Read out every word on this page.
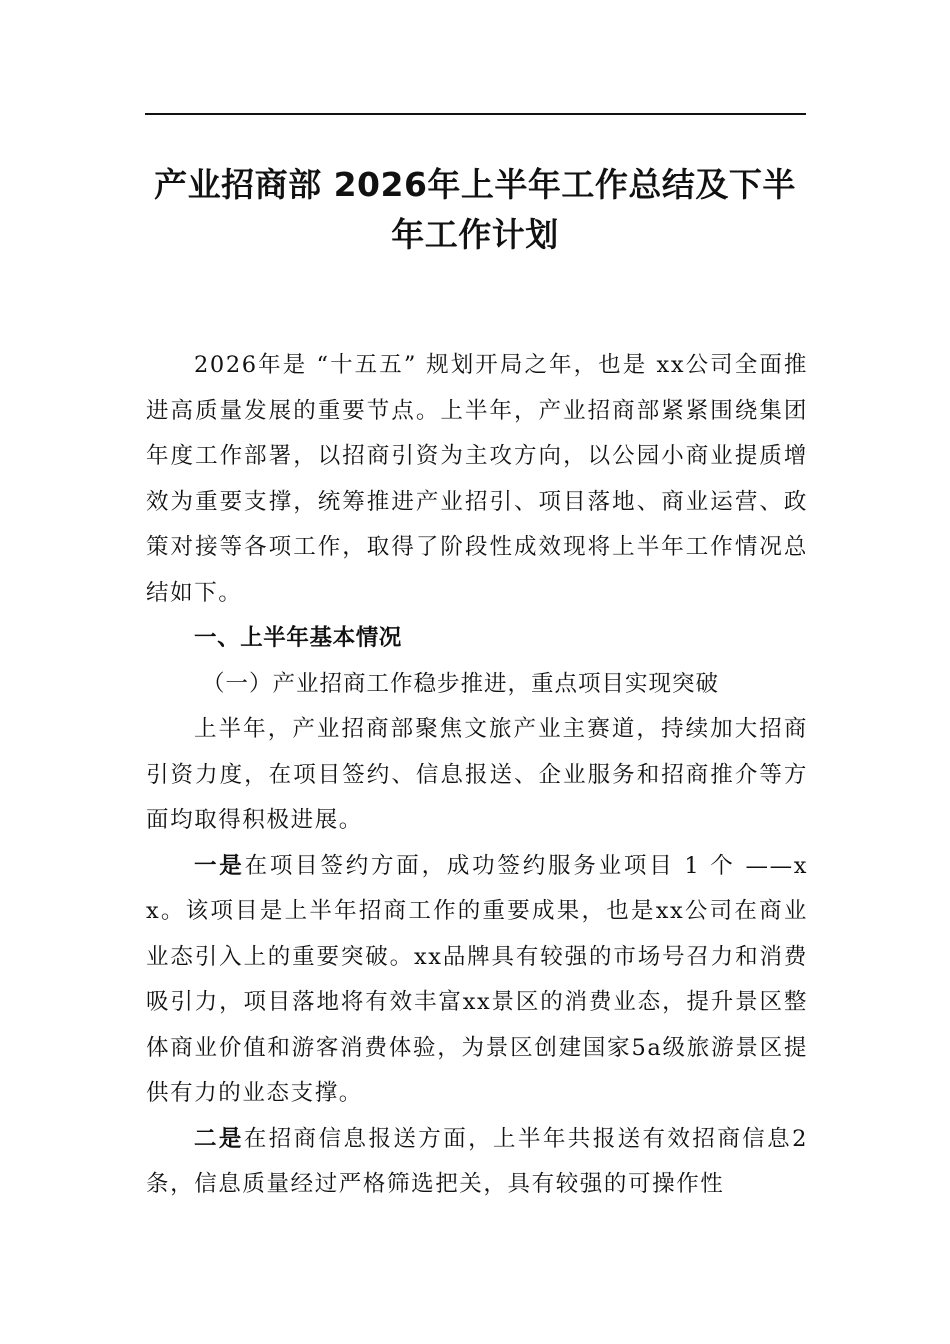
产业招商部 2026年上半年工作总结及下半
年工作计划

2026年是 “十五五” 规划开局之年，也是 xx公司全面推进高质量发展的重要节点。上半年，产业招商部紧紧围绕集团年度工作部署，以招商引资为主攻方向，以公园小商业提质增效为重要支撑，统筹推进产业招引、项目落地、商业运营、政策对接等各项工作，取得了阶段性成效现将上半年工作情况总结如下。

一、上半年基本情况

（一）产业招商工作稳步推进，重点项目实现突破

上半年，产业招商部聚焦文旅产业主赛道，持续加大招商引资力度，在项目签约、信息报送、企业服务和招商推介等方面均取得积极进展。

一是在项目签约方面，成功签约服务业项目 1 个 ——xx。该项目是上半年招商工作的重要成果，也是xx公司在商业业态引入上的重要突破。xx品牌具有较强的市场号召力和消费吸引力，项目落地将有效丰富xx景区的消费业态，提升景区整体商业价值和游客消费体验，为景区创建国家5a级旅游景区提供有力的业态支撑。

二是在招商信息报送方面，上半年共报送有效招商信息2条，信息质量经过严格筛选把关，具有较强的可操作性
